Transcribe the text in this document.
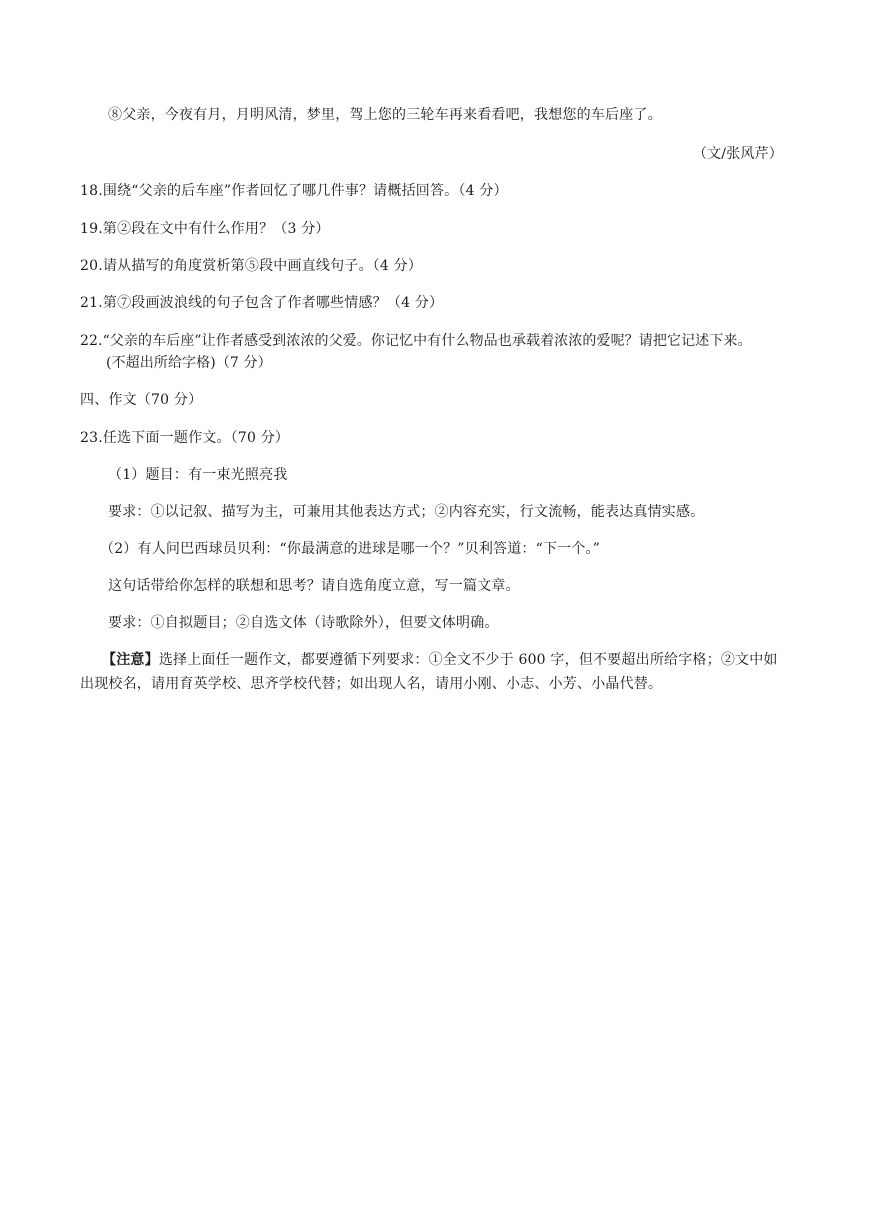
⑧父亲，今夜有月，月明风清，梦里，驾上您的三轮车再来看看吧，我想您的车后座了。
（文/张风芹）
18.围绕“父亲的后车座”作者回忆了哪几件事？请概括回答。（4 分）
19.第②段在文中有什么作用？（3 分）
20.请从描写的角度赏析第⑤段中画直线句子。（4 分）
21.第⑦段画波浪线的句子包含了作者哪些情感？（4 分）
22.“父亲的车后座”让作者感受到浓浓的父爱。你记忆中有什么物品也承载着浓浓的爱呢？请把它记述下来。
(不超出所给字格)（7 分）
四、作文（70 分）
23.任选下面一题作文。（70 分）
（1）题目：有一束光照亮我
要求：①以记叙、描写为主，可兼用其他表达方式；②内容充实，行文流畅，能表达真情实感。
（2）有人问巴西球员贝利：“你最满意的进球是哪一个？”贝利答道：“下一个。”
这句话带给你怎样的联想和思考？请自选角度立意，写一篇文章。
要求：①自拟题目；②自选文体（诗歌除外），但要文体明确。
【注意】选择上面任一题作文，都要遵循下列要求：①全文不少于 600 字，但不要超出所给字格；②文中如出现校名，请用育英学校、思齐学校代替；如出现人名，请用小刚、小志、小芳、小晶代替。
